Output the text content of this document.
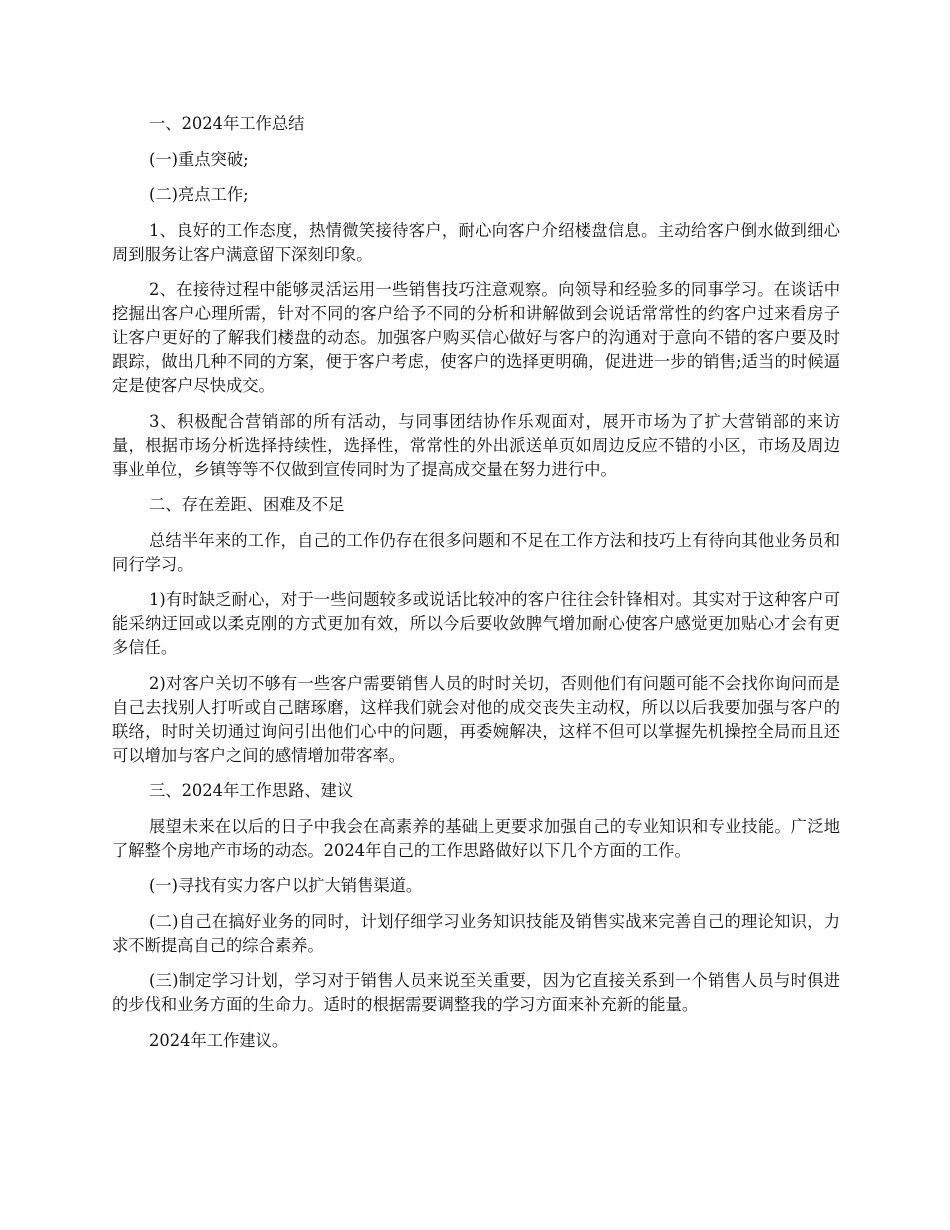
一、2024年工作总结

(一)重点突破;

(二)亮点工作;

1、良好的工作态度，热情微笑接待客户，耐心向客户介绍楼盘信息。主动给客户倒水做到细心周到服务让客户满意留下深刻印象。

2、在接待过程中能够灵活运用一些销售技巧注意观察。向领导和经验多的同事学习。在谈话中挖掘出客户心理所需，针对不同的客户给予不同的分析和讲解做到会说话常常性的约客户过来看房子让客户更好的了解我们楼盘的动态。加强客户购买信心做好与客户的沟通对于意向不错的客户要及时跟踪，做出几种不同的方案，便于客户考虑，使客户的选择更明确，促进进一步的销售;适当的时候逼定是使客户尽快成交。

3、积极配合营销部的所有活动，与同事团结协作乐观面对，展开市场为了扩大营销部的来访量，根据市场分析选择持续性，选择性，常常性的外出派送单页如周边反应不错的小区，市场及周边事业单位，乡镇等等不仅做到宣传同时为了提高成交量在努力进行中。

二、存在差距、困难及不足

总结半年来的工作，自己的工作仍存在很多问题和不足在工作方法和技巧上有待向其他业务员和同行学习。

1)有时缺乏耐心，对于一些问题较多或说话比较冲的客户往往会针锋相对。其实对于这种客户可能采纳迂回或以柔克刚的方式更加有效，所以今后要收敛脾气增加耐心使客户感觉更加贴心才会有更多信任。

2)对客户关切不够有一些客户需要销售人员的时时关切，否则他们有问题可能不会找你询问而是自己去找别人打听或自己瞎琢磨，这样我们就会对他的成交丧失主动权，所以以后我要加强与客户的联络，时时关切通过询问引出他们心中的问题，再委婉解决，这样不但可以掌握先机操控全局而且还可以增加与客户之间的感情增加带客率。

三、2024年工作思路、建议

展望未来在以后的日子中我会在高素养的基础上更要求加强自己的专业知识和专业技能。广泛地了解整个房地产市场的动态。2024年自己的工作思路做好以下几个方面的工作。

(一)寻找有实力客户以扩大销售渠道。

(二)自己在搞好业务的同时，计划仔细学习业务知识技能及销售实战来完善自己的理论知识，力求不断提高自己的综合素养。

(三)制定学习计划，学习对于销售人员来说至关重要，因为它直接关系到一个销售人员与时俱进的步伐和业务方面的生命力。适时的根据需要调整我的学习方面来补充新的能量。

2024年工作建议。
